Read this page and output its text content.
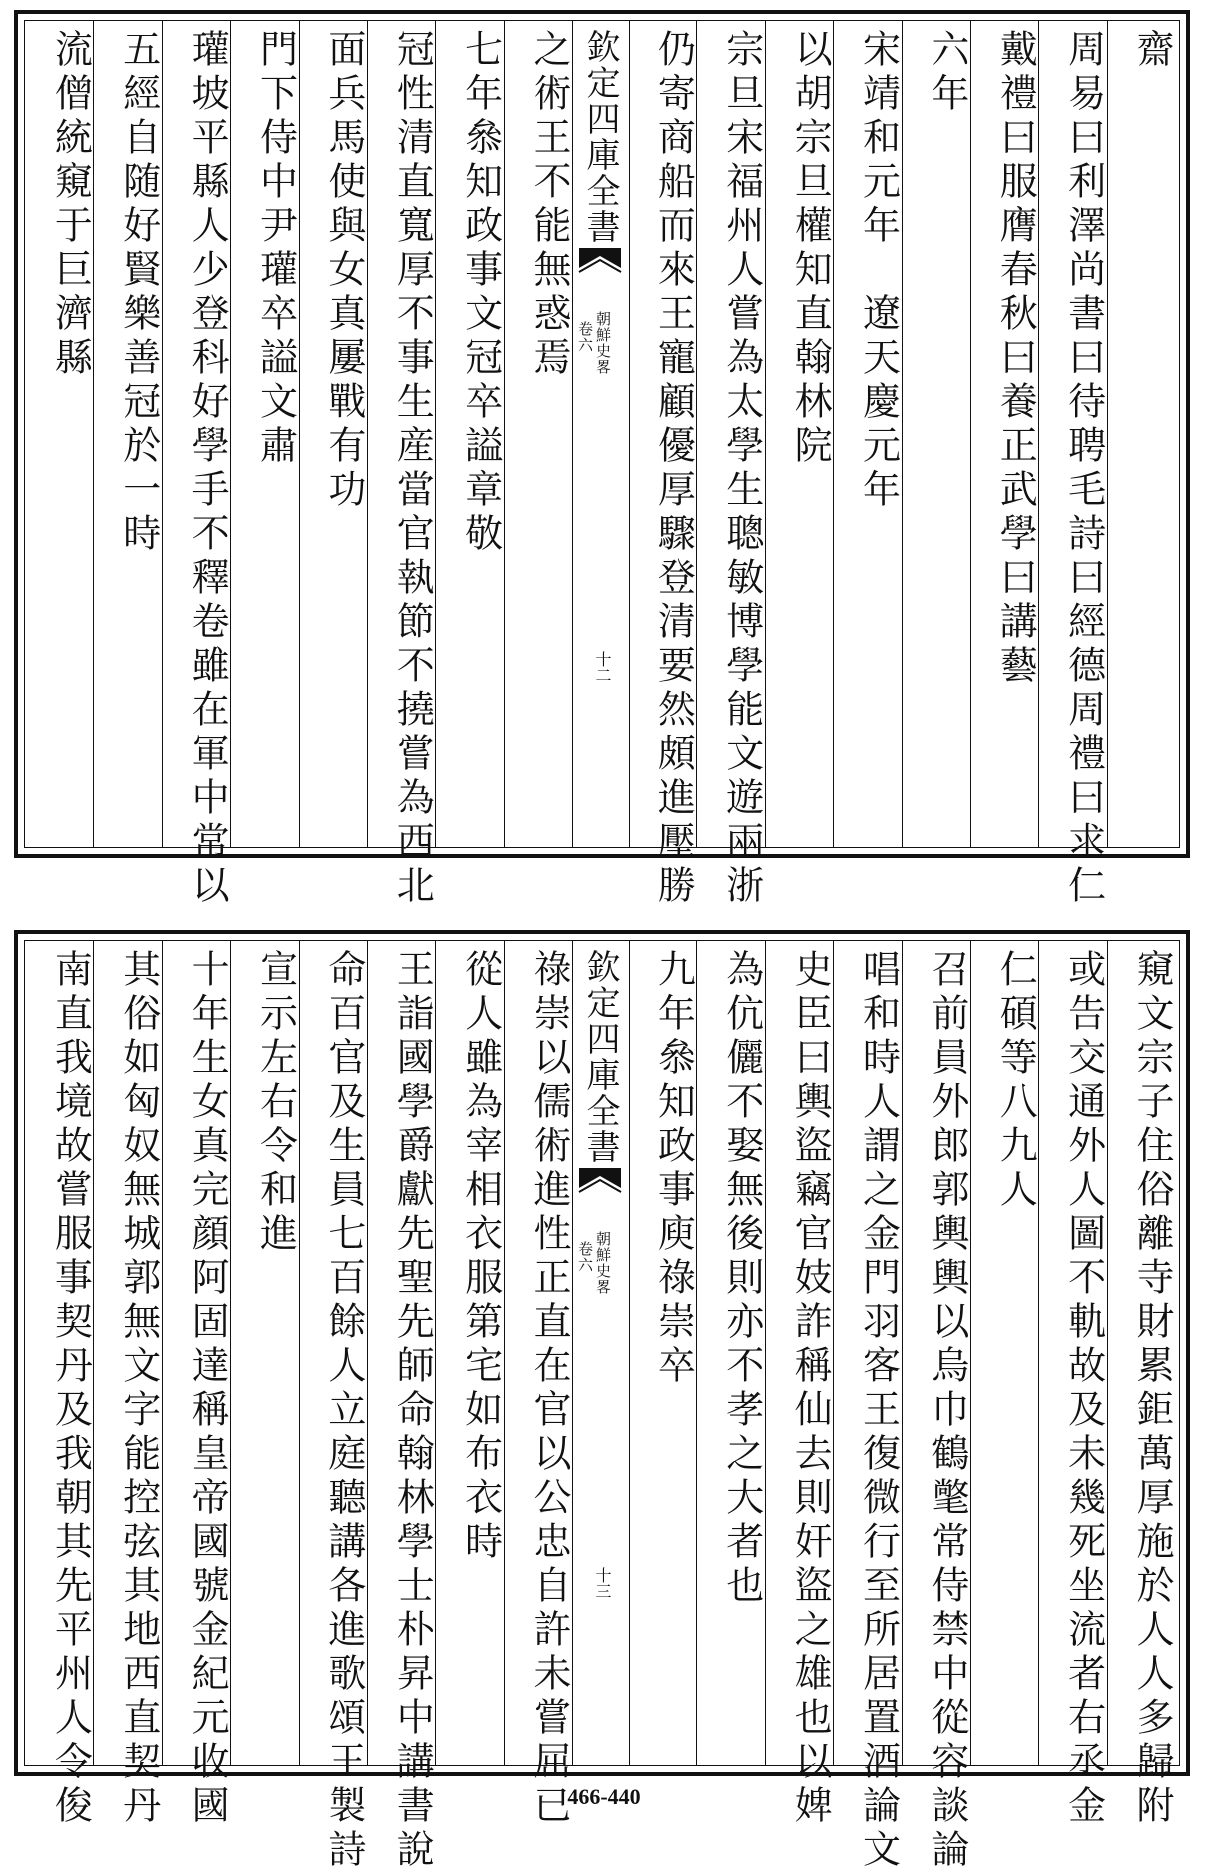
齋
周易曰利澤尚書曰待聘毛詩曰經德周禮曰求仁
戴禮曰服膺春秋曰養正武學曰講藝
六年
宋靖和元年　遼天慶元年
以胡宗旦權知直翰林院
宗旦宋福州人嘗為太學生聰敏博學能文遊兩浙
仍寄商船而來王寵顧優厚驟登清要然頗進壓勝
之術王不能無惑焉
七年叅知政事文冠卒謚章敬
冠性清直寬厚不事生産當官執節不撓嘗為西北
面兵馬使與女真屢戰有功
門下侍中尹瓘卒謚文肅
瓘坡平縣人少登科好學手不釋卷雖在軍中常以
五經自随好賢樂善冠於一時
流僧統窺于巨濟縣	欽定四庫全書
朝鮮史畧
卷六
十二
窺文宗子住俗離寺財累鉅萬厚施於人人多歸附
或告交通外人圖不軌故及未幾死坐流者右丞金
仁碩等八九人
召前員外郎郭輿輿以烏巾鶴氅常侍禁中從容談論
唱和時人謂之金門羽客王復微行至所居置酒論文
史臣曰輿盜竊官妓詐稱仙去則奸盜之雄也以婢
為伉儷不娶無後則亦不孝之大者也
九年叅知政事庾祿崇卒
祿崇以儒術進性正直在官以公忠自許未嘗屈已
從人雖為宰相衣服第宅如布衣時
王詣國學爵獻先聖先師命翰林學士朴昇中講書說
命百官及生員七百餘人立庭聽講各進歌頌王製詩
宣示左右令和進
十年生女真完顔阿固達稱皇帝國號金紀元收國
其俗如匈奴無城郭無文字能控弦其地西直契丹
南直我境故嘗服事契丹及我朝其先平州人令俊	欽定四庫全書
朝鮮史畧
卷六
十三
466-440
